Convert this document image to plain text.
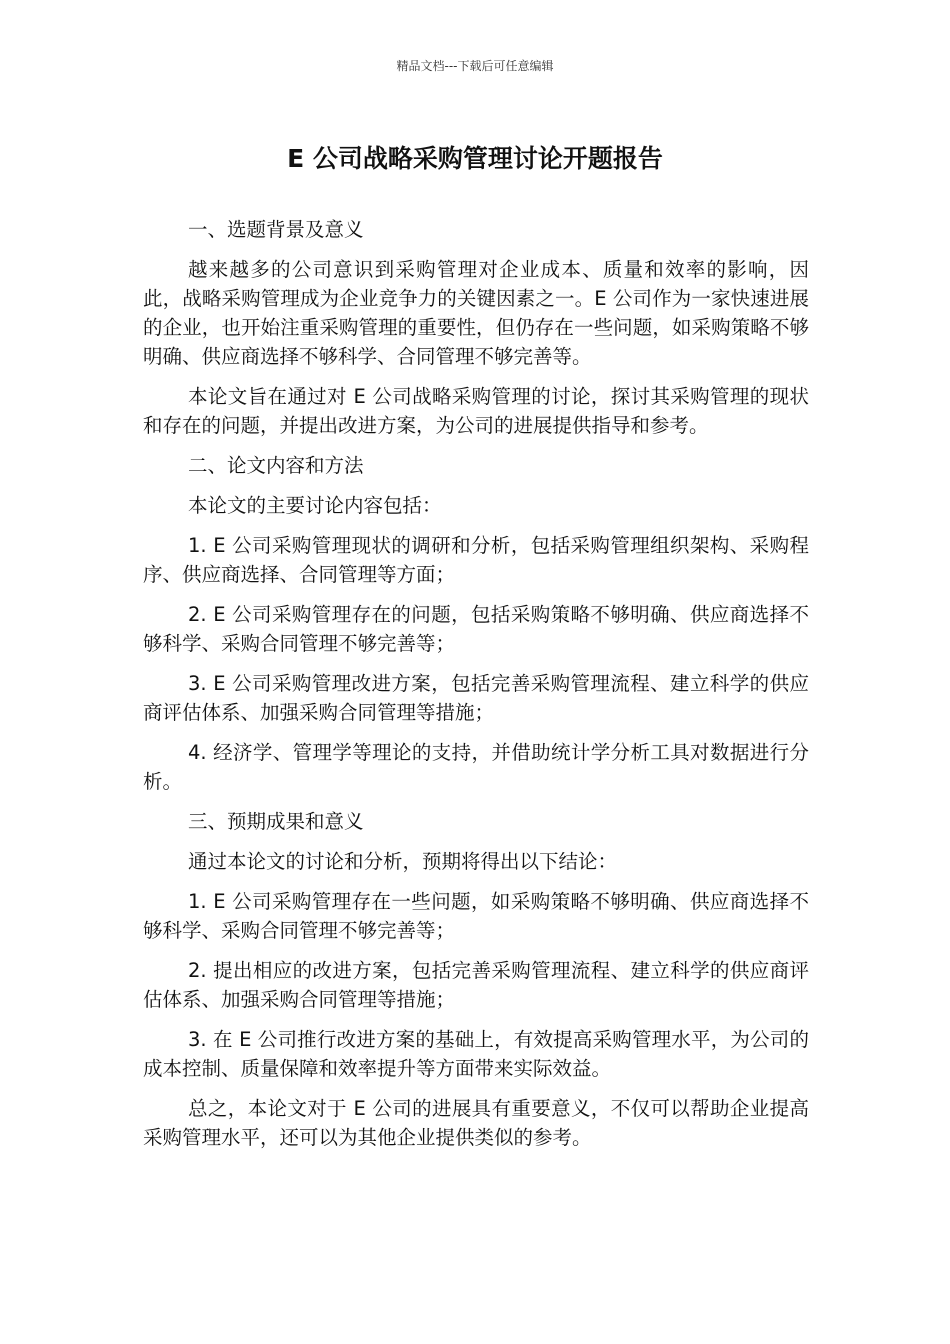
精品文档---下载后可任意编辑
E 公司战略采购管理讨论开题报告

一、选题背景及意义

越来越多的公司意识到采购管理对企业成本、质量和效率的影响，因此，战略采购管理成为企业竞争力的关键因素之一。E 公司作为一家快速进展的企业，也开始注重采购管理的重要性，但仍存在一些问题，如采购策略不够明确、供应商选择不够科学、合同管理不够完善等。

本论文旨在通过对 E 公司战略采购管理的讨论，探讨其采购管理的现状和存在的问题，并提出改进方案，为公司的进展提供指导和参考。

二、论文内容和方法

本论文的主要讨论内容包括：

1. E 公司采购管理现状的调研和分析，包括采购管理组织架构、采购程序、供应商选择、合同管理等方面；

2. E 公司采购管理存在的问题，包括采购策略不够明确、供应商选择不够科学、采购合同管理不够完善等；

3. E 公司采购管理改进方案，包括完善采购管理流程、建立科学的供应商评估体系、加强采购合同管理等措施；

4. 经济学、管理学等理论的支持，并借助统计学分析工具对数据进行分析。

三、预期成果和意义

通过本论文的讨论和分析，预期将得出以下结论：

1. E 公司采购管理存在一些问题，如采购策略不够明确、供应商选择不够科学、采购合同管理不够完善等；

2. 提出相应的改进方案，包括完善采购管理流程、建立科学的供应商评估体系、加强采购合同管理等措施；

3. 在 E 公司推行改进方案的基础上，有效提高采购管理水平，为公司的成本控制、质量保障和效率提升等方面带来实际效益。

总之，本论文对于 E 公司的进展具有重要意义，不仅可以帮助企业提高采购管理水平，还可以为其他企业提供类似的参考。
